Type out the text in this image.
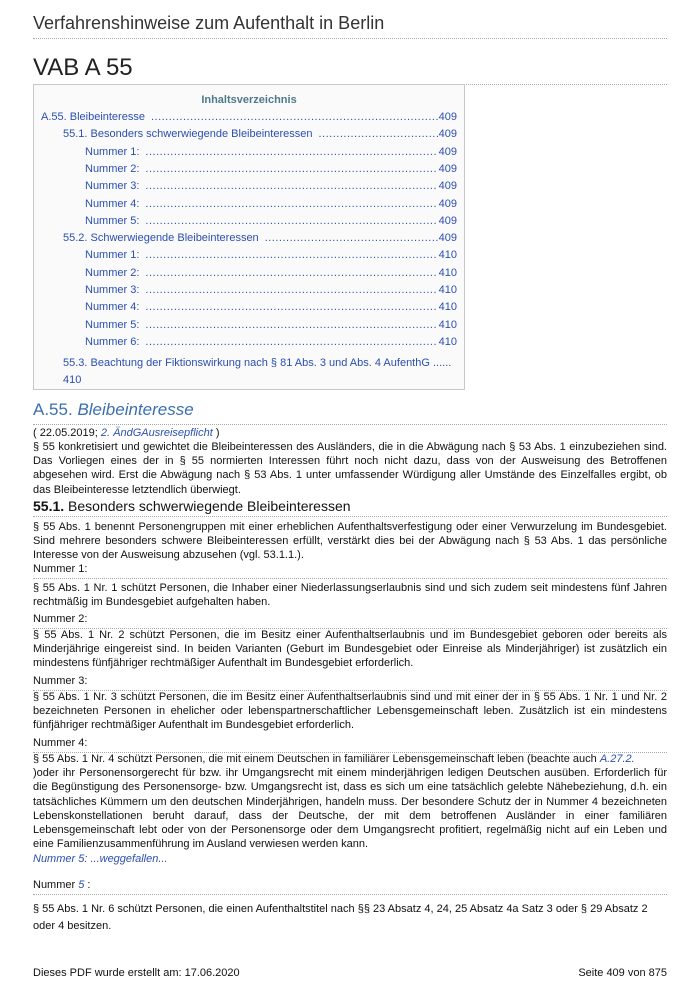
Verfahrenshinweise zum Aufenthalt in Berlin
VAB A 55
Inhaltsverzeichnis
A.55. Bleibeinteresse .....	409
55.1. Besonders schwerwiegende Bleibeinteressen .....	409
Nummer 1: .....	409
Nummer 2: .....	409
Nummer 3: .....	409
Nummer 4: .....	409
Nummer 5: .....	409
55.2. Schwerwiegende Bleibeinteressen .....	409
Nummer 1: .....	410
Nummer 2: .....	410
Nummer 3: .....	410
Nummer 4: .....	410
Nummer 5: .....	410
Nummer 6: .....	410
55.3. Beachtung der Fiktionswirkung nach § 81 Abs. 3 und Abs. 4 AufenthG ...... 410
A.55. Bleibeinteresse
( 22.05.2019; 2. ÄndGAusreisepflicht )
§ 55 konkretisiert und gewichtet die Bleibeinteressen des Ausländers, die in die Abwägung nach § 53 Abs. 1 einzubeziehen sind. Das Vorliegen eines der in § 55 normierten Interessen führt noch nicht dazu, dass von der Ausweisung des Betroffenen abgesehen wird. Erst die Abwägung nach § 53 Abs. 1 unter umfassender Würdigung aller Umstände des Einzelfalles ergibt, ob das Bleibeinteresse letztendlich überwiegt.
55.1. Besonders schwerwiegende Bleibeinteressen
§ 55 Abs. 1 benennt Personengruppen mit einer erheblichen Aufenthaltsverfestigung oder einer Verwurzelung im Bundesgebiet. Sind mehrere besonders schwere Bleibeinteressen erfüllt, verstärkt dies bei der Abwägung nach § 53 Abs. 1 das persönliche Interesse von der Ausweisung abzusehen (vgl. 53.1.1.).
Nummer 1:
§ 55 Abs. 1 Nr. 1 schützt Personen, die Inhaber einer Niederlassungserlaubnis sind und sich zudem seit mindestens fünf Jahren rechtmäßig im Bundesgebiet aufgehalten haben.
Nummer 2:
§ 55 Abs. 1 Nr. 2 schützt Personen, die im Besitz einer Aufenthaltserlaubnis und im Bundesgebiet geboren oder bereits als Minderjährige eingereist sind. In beiden Varianten (Geburt im Bundesgebiet oder Einreise als Minderjähriger) ist zusätzlich ein mindestens fünfjähriger rechtmäßiger Aufenthalt im Bundesgebiet erforderlich.
Nummer 3:
§ 55 Abs. 1 Nr. 3 schützt Personen, die im Besitz einer Aufenthaltserlaubnis sind und mit einer der in § 55 Abs. 1 Nr. 1 und Nr. 2 bezeichneten Personen in ehelicher oder lebenspartnerschaftlicher Lebensgemeinschaft leben. Zusätzlich ist ein mindestens fünfjähriger rechtmäßiger Aufenthalt im Bundesgebiet erforderlich.
Nummer 4:
§ 55 Abs. 1 Nr. 4 schützt Personen, die mit einem Deutschen in familiärer Lebensgemeinschaft leben (beachte auch A.27.2.
)oder ihr Personensorgerecht für bzw. ihr Umgangsrecht mit einem minderjährigen ledigen Deutschen ausüben. Erforderlich für die Begünstigung des Personensorge- bzw. Umgangsrecht ist, dass es sich um eine tatsächlich gelebte Nähebeziehung, d.h. ein tatsächliches Kümmern um den deutschen Minderjährigen, handeln muss. Der besondere Schutz der in Nummer 4 bezeichneten Lebenskonstellationen beruht darauf, dass der Deutsche, der mit dem betroffenen Ausländer in einer familiären Lebensgemeinschaft lebt oder von der Personensorge oder dem Umgangsrecht profitiert, regelmäßig nicht auf ein Leben und eine Familienzusammenführung im Ausland verwiesen werden kann.
Nummer 5: ...weggefallen...
Nummer 5 :
§ 55 Abs. 1 Nr. 6 schützt Personen, die einen Aufenthaltstitel nach §§ 23 Absatz 4, 24, 25 Absatz 4a Satz 3 oder § 29 Absatz 2 oder 4 besitzen.
Dieses PDF wurde erstellt am: 17.06.2020	Seite 409 von 875
